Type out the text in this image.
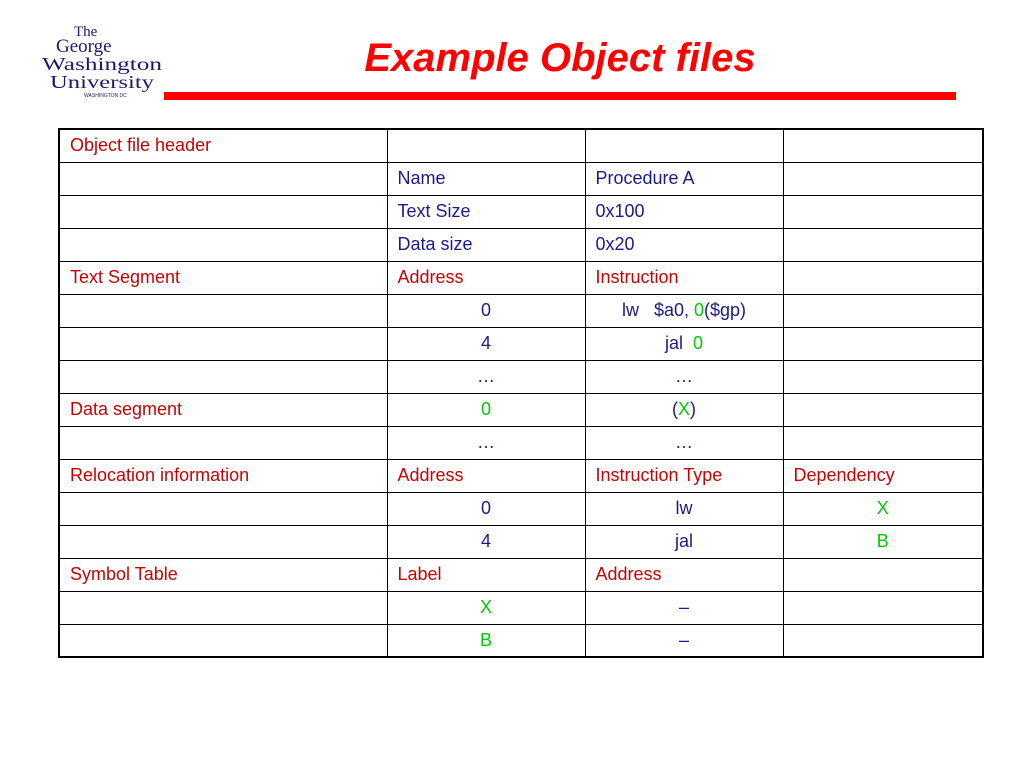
The
George
Washington
University
WASHINGTON DC
Example Object files
Object file header			
	Name	Procedure A	
	Text Size	0x100	
	Data size	0x20	
Text Segment	Address	Instruction	
	0	lw   $a0, 0($gp)	
	4	jal  0	
	…	…	
Data segment	0	(X)	
	…	…	
Relocation information	Address	Instruction Type	Dependency
	0	lw	X
	4	jal	B
Symbol Table	Label	Address	
	X	–	
	B	–	
